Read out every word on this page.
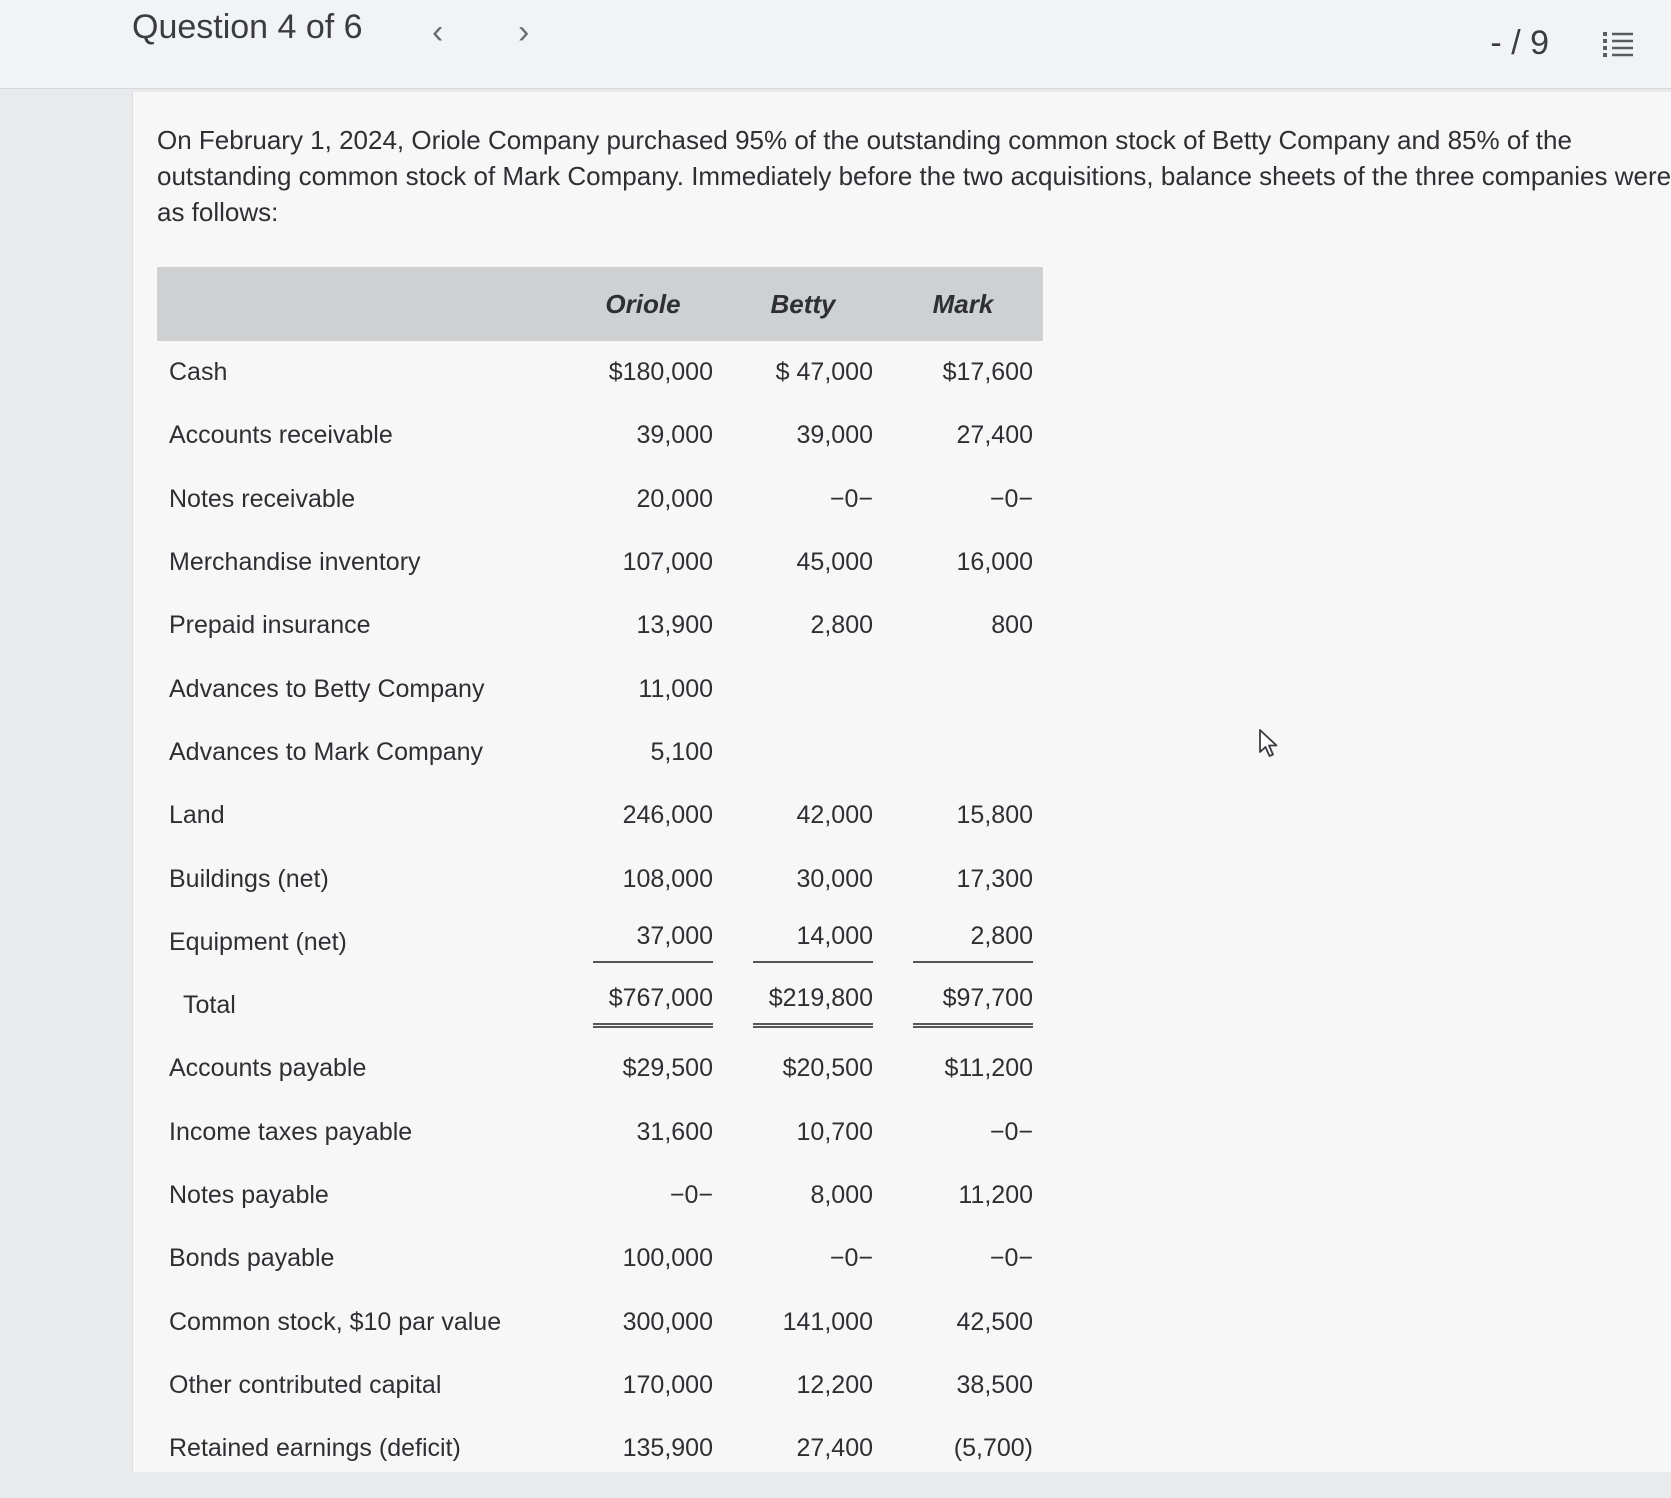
Question 4 of 6 ‹ ›	- / 9
On February 1, 2024, Oriole Company purchased 95% of the outstanding common stock of Betty Company and 85% of the
outstanding common stock of Mark Company. Immediately before the two acquisitions, balance sheets of the three companies were
as follows:
	Oriole	Betty	Mark
Cash	$180,000	$ 47,000	$17,600
Accounts receivable	39,000	39,000	27,400
Notes receivable	20,000	−0−	−0−
Merchandise inventory	107,000	45,000	16,000
Prepaid insurance	13,900	2,800	800
Advances to Betty Company	11,000		
Advances to Mark Company	5,100		
Land	246,000	42,000	15,800
Buildings (net)	108,000	30,000	17,300
Equipment (net)	37,000	14,000	2,800
Total	$767,000	$219,800	$97,700
Accounts payable	$29,500	$20,500	$11,200
Income taxes payable	31,600	10,700	−0−
Notes payable	−0−	8,000	11,200
Bonds payable	100,000	−0−	−0−
Common stock, $10 par value	300,000	141,000	42,500
Other contributed capital	170,000	12,200	38,500
Retained earnings (deficit)	135,900	27,400	(5,700)
